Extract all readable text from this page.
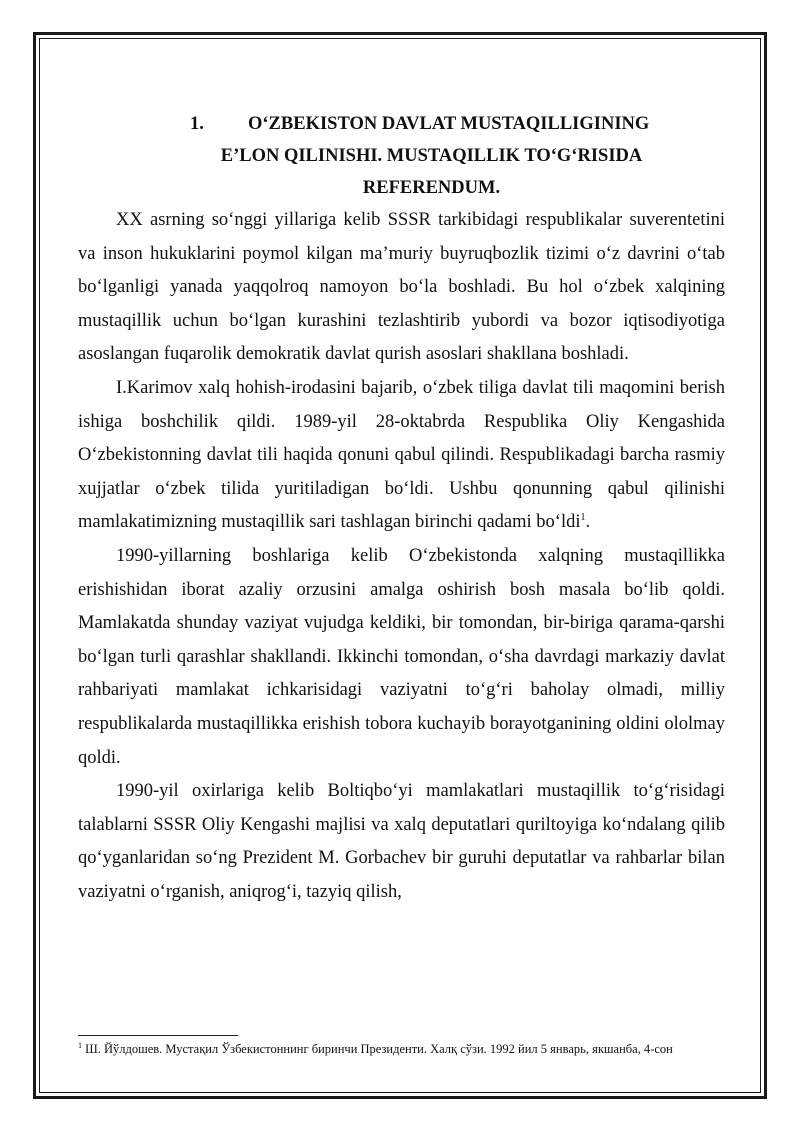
1. O‘ZBEKISTON DAVLAT MUSTAQILLIGINING
E’LON QILINISHI. MUSTAQILLIK TO‘G‘RISIDA
REFERENDUM.

XX asrning so‘nggi yillariga kelib SSSR tarkibidagi respublikalar suverentetini va inson hukuklarini poymol kilgan ma’muriy buyruqbozlik tizimi o‘z davrini o‘tab bo‘lganligi yanada yaqqolroq namoyon bo‘la boshladi. Bu hol o‘zbek xalqining mustaqillik uchun bo‘lgan kurashini tezlashtirib yubordi va bozor iqtisodiyotiga asoslangan fuqarolik demokratik davlat qurish asoslari shakllana boshladi.

I.Karimov xalq hohish-irodasini bajarib, o‘zbek tiliga davlat tili maqomini berish ishiga boshchilik qildi. 1989-yil 28-oktabrda Respublika Oliy Kengashida O‘zbekistonning davlat tili haqida qonuni qabul qilindi. Respublikadagi barcha rasmiy xujjatlar o‘zbek tilida yuritiladigan bo‘ldi. Ushbu qonunning qabul qilinishi mamlakatimizning mustaqillik sari tashlagan birinchi qadami bo‘ldi$^1$.

1990-yillarning boshlariga kelib O‘zbekistonda xalqning mustaqillikka erishishidan iborat azaliy orzusini amalga oshirish bosh masala bo‘lib qoldi. Mamlakatda shunday vaziyat vujudga keldiki, bir tomondan, bir-biriga qarama-qarshi bo‘lgan turli qarashlar shakllandi. Ikkinchi tomondan, o‘sha davrdagi markaziy davlat rahbariyati mamlakat ichkarisidagi vaziyatni to‘g‘ri baholay olmadi, milliy respublikalarda mustaqillikka erishish tobora kuchayib borayotganining oldini ololmay qoldi.

1990-yil oxirlariga kelib Boltiqbo‘yi mamlakatlari mustaqillik to‘g‘risidagi talablarni SSSR Oliy Kengashi majlisi va xalq deputatlari quriltoyiga ko‘ndalang qilib qo‘yganlaridan so‘ng Prezident M. Gorbachev bir guruhi deputatlar va rahbarlar bilan vaziyatni o‘rganish, aniqrog‘i, tazyiq qilish,

$^1$ Ш. Йўлдошев. Мустақил Ўзбекистоннинг биринчи Президенти. Халқ сўзи. 1992 йил 5 январь, якшанба, 4-сон
